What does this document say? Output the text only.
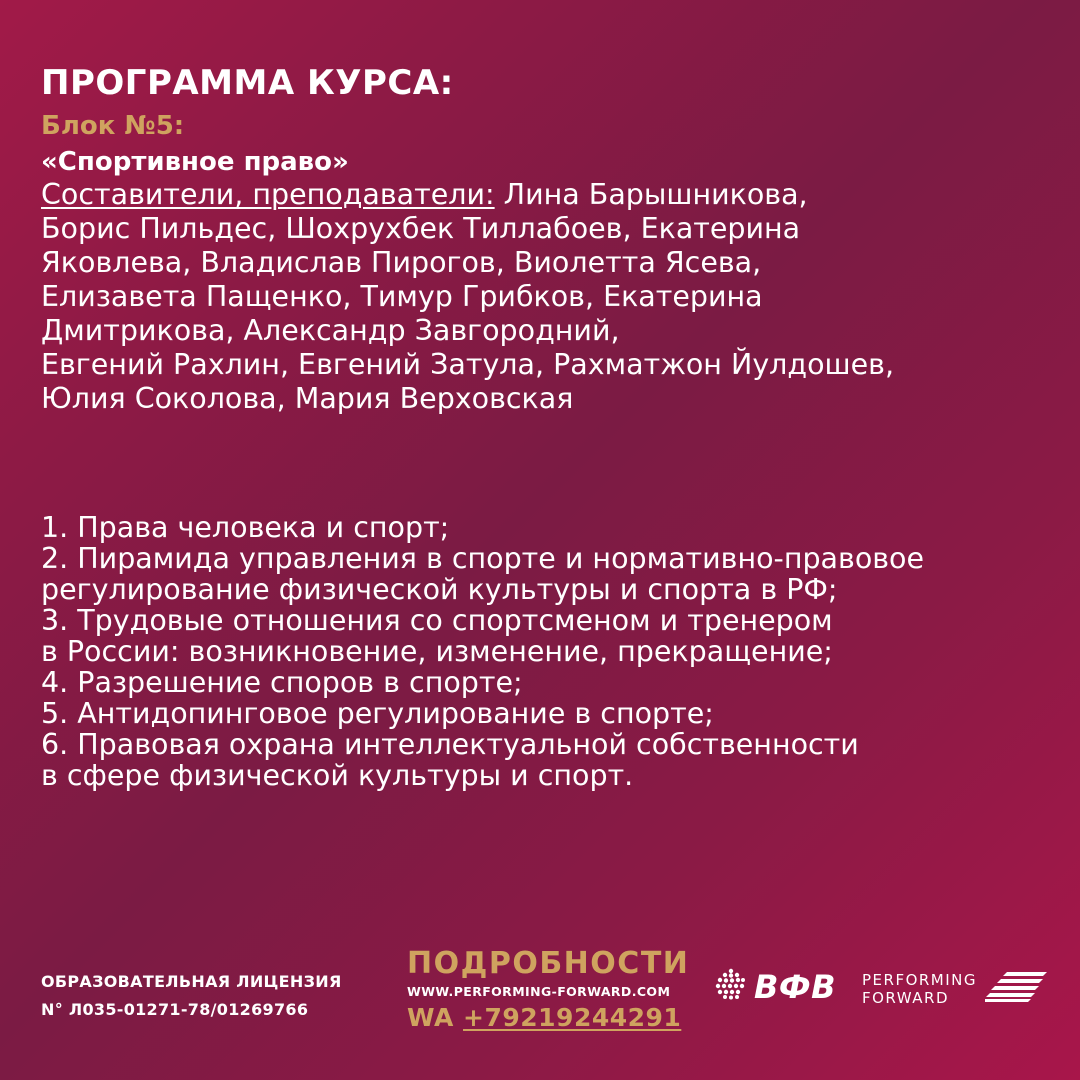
ПРОГРАММА КУРСА:
Блок №5:
«Спортивное право»
Составители, преподаватели: Лина Барышникова,
Борис Пильдес, Шохрухбек Тиллабоев, Екатерина
Яковлева, Владислав Пирогов, Виолетта Ясева,
Елизавета Пащенко, Тимур Грибков, Екатерина
Дмитрикова, Александр Завгородний,
Евгений Рахлин, Евгений Затула, Рахматжон Йулдошев,
Юлия Соколова, Мария Верховская
1. Права человека и спорт;
2. Пирамида управления в спорте и нормативно-правовое
регулирование физической культуры и спорта в РФ;
3. Трудовые отношения со спортсменом и тренером
в России: возникновение, изменение, прекращение;
4. Разрешение споров в спорте;
5. Антидопинговое регулирование в спорте;
6. Правовая охрана интеллектуальной собственности
в сфере физической культуры и спорт.
ОБРАЗОВАТЕЛЬНАЯ ЛИЦЕНЗИЯ
N° Л035-01271-78/01269766
ПОДРОБНОСТИ
WWW.PERFORMING-FORWARD.COM
WA +79219244291
ВФВ PERFORMING
FORWARD
